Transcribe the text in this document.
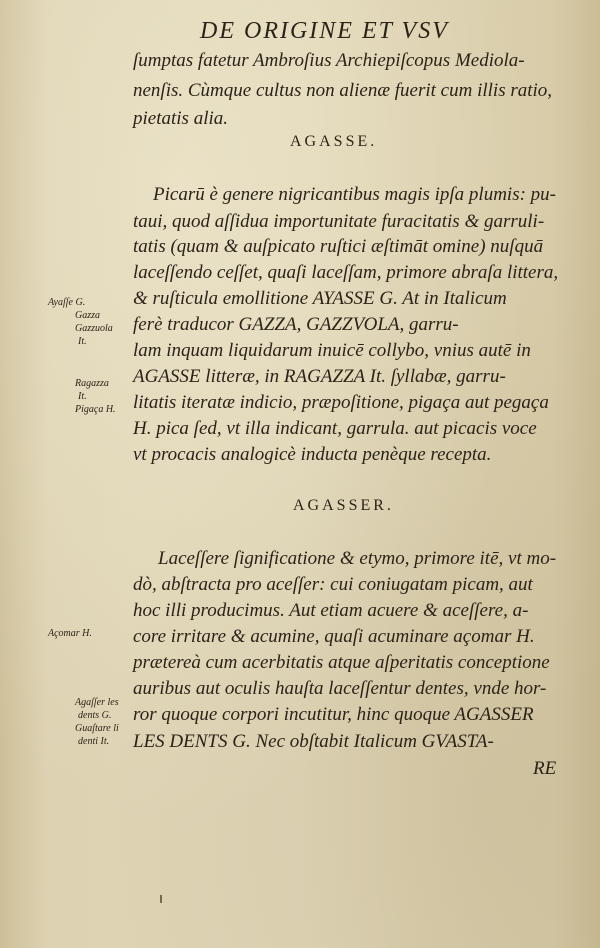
DE ORIGINE ET VSV
ſumptas fatetur Ambroſius Archiepiſcopus Mediola-
nenſis. Cùmque cultus non alienæ fuerit cum illis ratio,
pietatis alia.
AGASSE.
Picarū è genere nigricantibus magis ipſa plumis: pu-
taui, quod aſſidua importunitate furacitatis & garruli-
tatis (quam & auſpicato ruſtici æſtimāt omine) nuſquā
laceſſendo ceſſet, quaſi laceſſam, primore abraſa littera,
& ruſticula emollitione AYASSE G. At in Italicum
ferè traducor GAZZA, GAZZVOLA, garru-
lam inquam liquidarum inuicē collybo, vnius autē in
AGASSE litteræ, in RAGAZZA It. ſyllabæ, garru-
litatis iteratæ indicio, præpoſitione, pigaça aut pegaça
H. pica ſed, vt illa indicant, garrula. aut picacis voce
vt procacis analogicè inducta penèque recepta.
AGASSER.
Laceſſere ſignificatione & etymo, primore itē, vt mo-
dò, abſtracta pro aceſſer: cui coniugatam picam, aut
hoc illi producimus. Aut etiam acuere & aceſſere, a-
core irritare & acumine, quaſi acuminare açomar H.
prætereà cum acerbitatis atque aſperitatis conceptione
auribus aut oculis hauſta laceſſentur dentes, vnde hor-
ror quoque corpori incutitur, hinc quoque AGASSER
LES DENTS G. Nec obſtabit Italicum GVASTA-
RE
Ayaſſe G.
Gazza
Gazzuola
It.
Ragazza
It.
Pigaça H.
Açomar H.
Agaſſer les
dents G.
Guaſtare li
denti It.
